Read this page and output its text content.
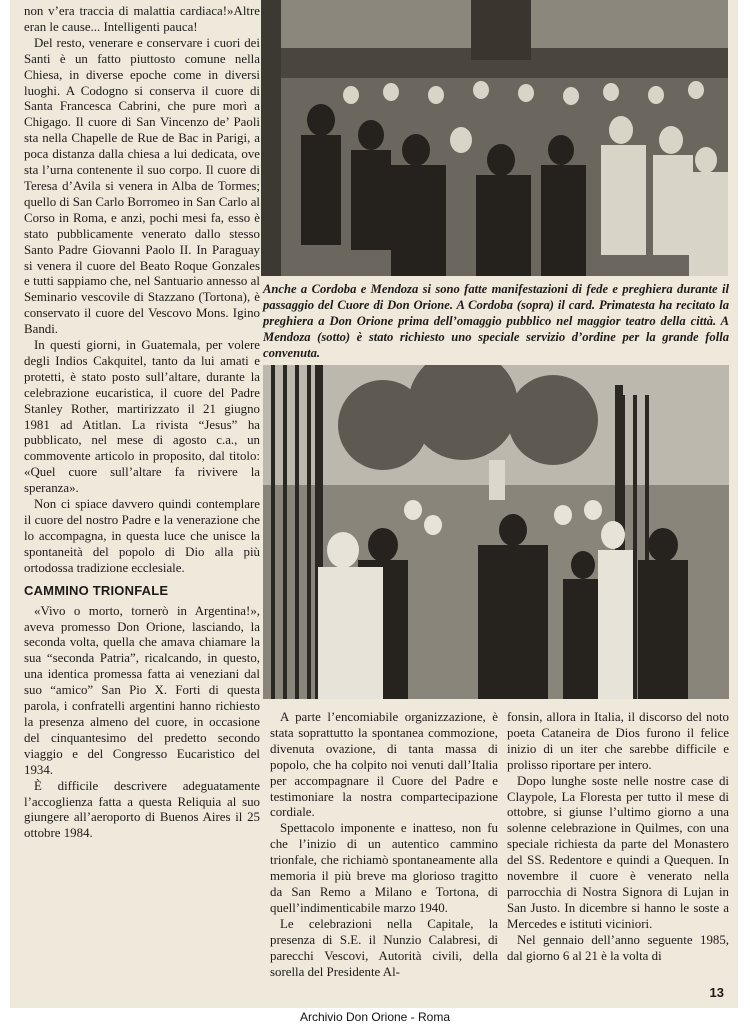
non v’era traccia di malattia cardiaca!»Altre eran le cause... Intelligenti pauca!

Del resto, venerare e conservare i cuori dei Santi è un fatto piuttosto comune nella Chiesa, in diverse epoche come in diversi luoghi. A Codogno si conserva il cuore di Santa Francesca Cabrini, che pure morì a Chigago. Il cuore di San Vincenzo de’ Paoli sta nella Chapelle de Rue de Bac in Parigi, a poca distanza dalla chiesa a lui dedicata, ove sta l’urna contenente il suo corpo. Il cuore di Teresa d’Avila si venera in Alba de Tormes; quello di San Carlo Borromeo in San Carlo al Corso in Roma, e anzi, pochi mesi fa, esso è stato pubblicamente venerato dallo stesso Santo Padre Giovanni Paolo II. In Paraguay si venera il cuore del Beato Roque Gonzales e tutti sappiamo che, nel Santuario annesso al Seminario vescovile di Stazzano (Tortona), è conservato il cuore del Vescovo Mons. Igino Bandi.

In questi giorni, in Guatemala, per volere degli Indios Cakquitel, tanto da lui amati e protetti, è stato posto sull’altare, durante la celebrazione eucaristica, il cuore del Padre Stanley Rother, martirizzato il 21 giugno 1981 ad Atitlan. La rivista “Jesus” ha pubblicato, nel mese di agosto c.a., un commovente articolo in proposito, dal titolo: «Quel cuore sull’altare fa rivivere la speranza».

Non ci spiace davvero quindi contemplare il cuore del nostro Padre e la venerazione che lo accompagna, in questa luce che unisce la spontaneità del popolo di Dio alla più ortodossa tradizione ecclesiale.

CAMMINO TRIONFALE

«Vivo o morto, tornerò in Argentina!», aveva promesso Don Orione, lasciando, la seconda volta, quella che amava chiamare la sua “seconda Patria”, ricalcando, in questo, una identica promessa fatta ai veneziani dal suo “amico” San Pio X. Forti di questa parola, i confratelli argentini hanno richiesto la presenza almeno del cuore, in occasione del cinquantesimo del predetto secondo viaggio e del Congresso Eucaristico del 1934.

È difficile descrivere adeguatamente l’accoglienza fatta a questa Reliquia al suo giungere all’aeroporto di Buenos Aires il 25 ottobre 1984.

Anche a Cordoba e Mendoza si sono fatte manifestazioni di fede e preghiera durante il passaggio del Cuore di Don Orione. A Cordoba (sopra) il card. Primatesta ha recitato la preghiera a Don Orione prima dell’omaggio pubblico nel maggior teatro della città. A Mendoza (sotto) è stato richiesto uno speciale servizio d’ordine per la grande folla convenuta.

A parte l’encomiabile organizzazione, è stata soprattutto la spontanea commozione, divenuta ovazione, di tanta massa di popolo, che ha colpito noi venuti dall’Italia per accompagnare il Cuore del Padre e testimoniare la nostra compartecipazione cordiale.

Spettacolo imponente e inatteso, non fu che l’inizio di un autentico cammino trionfale, che richiamò spontaneamente alla memoria il più breve ma glorioso tragitto da San Remo a Milano e Tortona, di quell’indimenticabile marzo 1940.

Le celebrazioni nella Capitale, la presenza di S.E. il Nunzio Calabresi, di parecchi Vescovi, Autorità civili, della sorella del Presidente Al-

fonsin, allora in Italia, il discorso del noto poeta Cataneira de Dios furono il felice inizio di un iter che sarebbe difficile e prolisso riportare per intero.

Dopo lunghe soste nelle nostre case di Claypole, La Floresta per tutto il mese di ottobre, si giunse l’ultimo giorno a una solenne celebrazione in Quilmes, con una speciale richiesta da parte del Monastero del SS. Redentore e quindi a Quequen. In novembre il cuore è venerato nella parrocchia di Nostra Signora di Lujan in San Justo. In dicembre si hanno le soste a Mercedes e istituti viciniori.

Nel gennaio dell’anno seguente 1985, dal giorno 6 al 21 è la volta di

13
Archivio Don Orione - Roma
